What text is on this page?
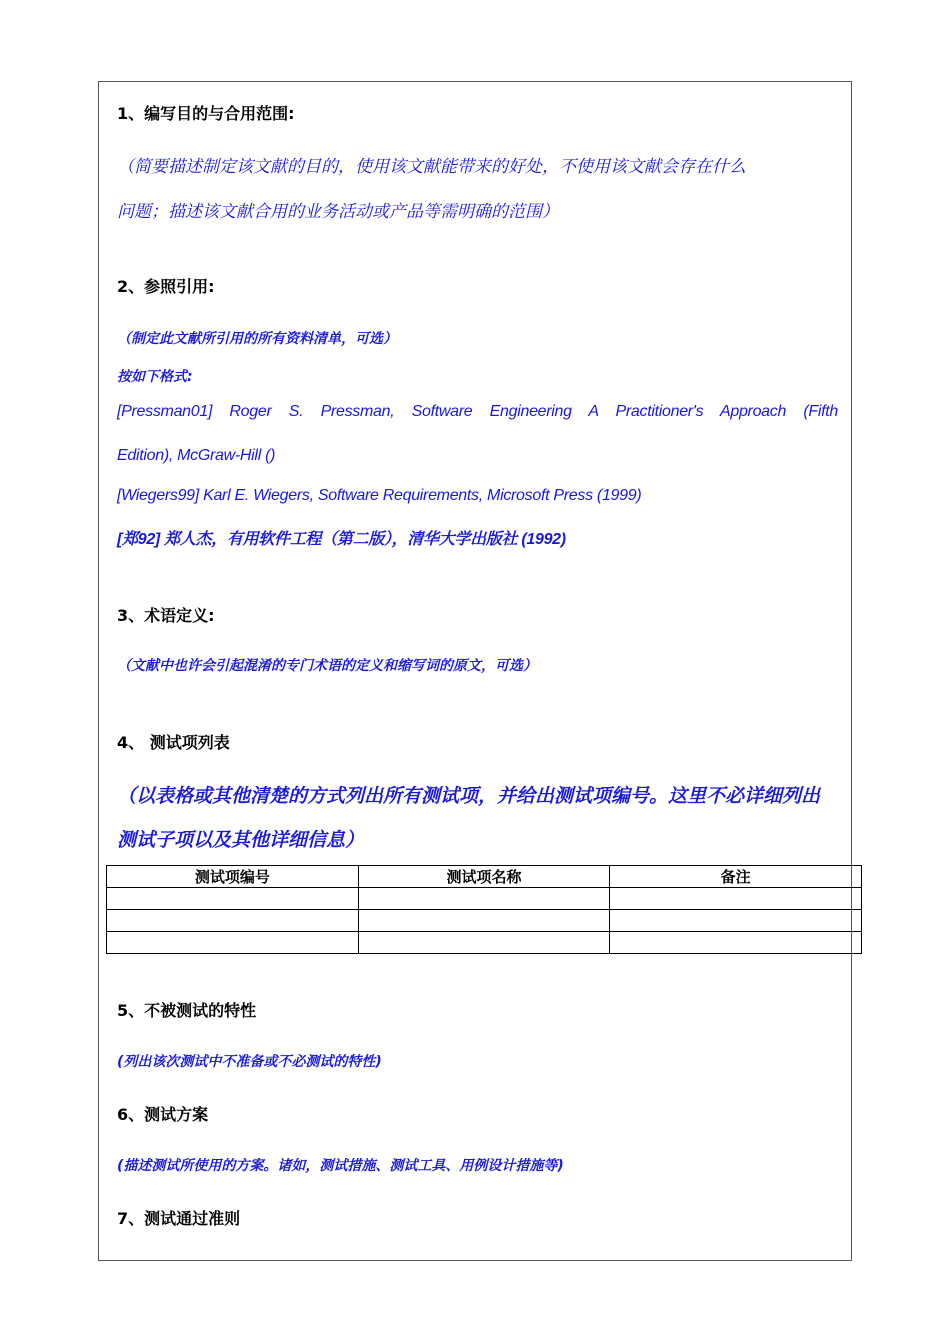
1、编写目的与合用范围:
（简要描述制定该文献的目的，使用该文献能带来的好处，不使用该文献会存在什么
问题；描述该文献合用的业务活动或产品等需明确的范围）
2、参照引用:
（制定此文献所引用的所有资料清单，可选）
按如下格式:
[Pressman01] Roger S. Pressman, Software Engineering A Practitioner's Approach (Fifth
Edition), McGraw-Hill ()
[Wiegers99] Karl E. Wiegers, Software Requirements, Microsoft Press (1999)
[郑92] 郑人杰，有用软件工程（第二版），清华大学出版社 (1992)
3、术语定义:
（文献中也许会引起混淆的专门术语的定义和缩写词的原文，可选）
4、 测试项列表
（以表格或其他清楚的方式列出所有测试项，并给出测试项编号。这里不必详细列出
测试子项以及其他详细信息）
测试项编号	测试项名称	备注

5、不被测试的特性
(列出该次测试中不准备或不必测试的特性)
6、测试方案
(描述测试所使用的方案。诸如，测试措施、测试工具、用例设计措施等)
7、测试通过准则
